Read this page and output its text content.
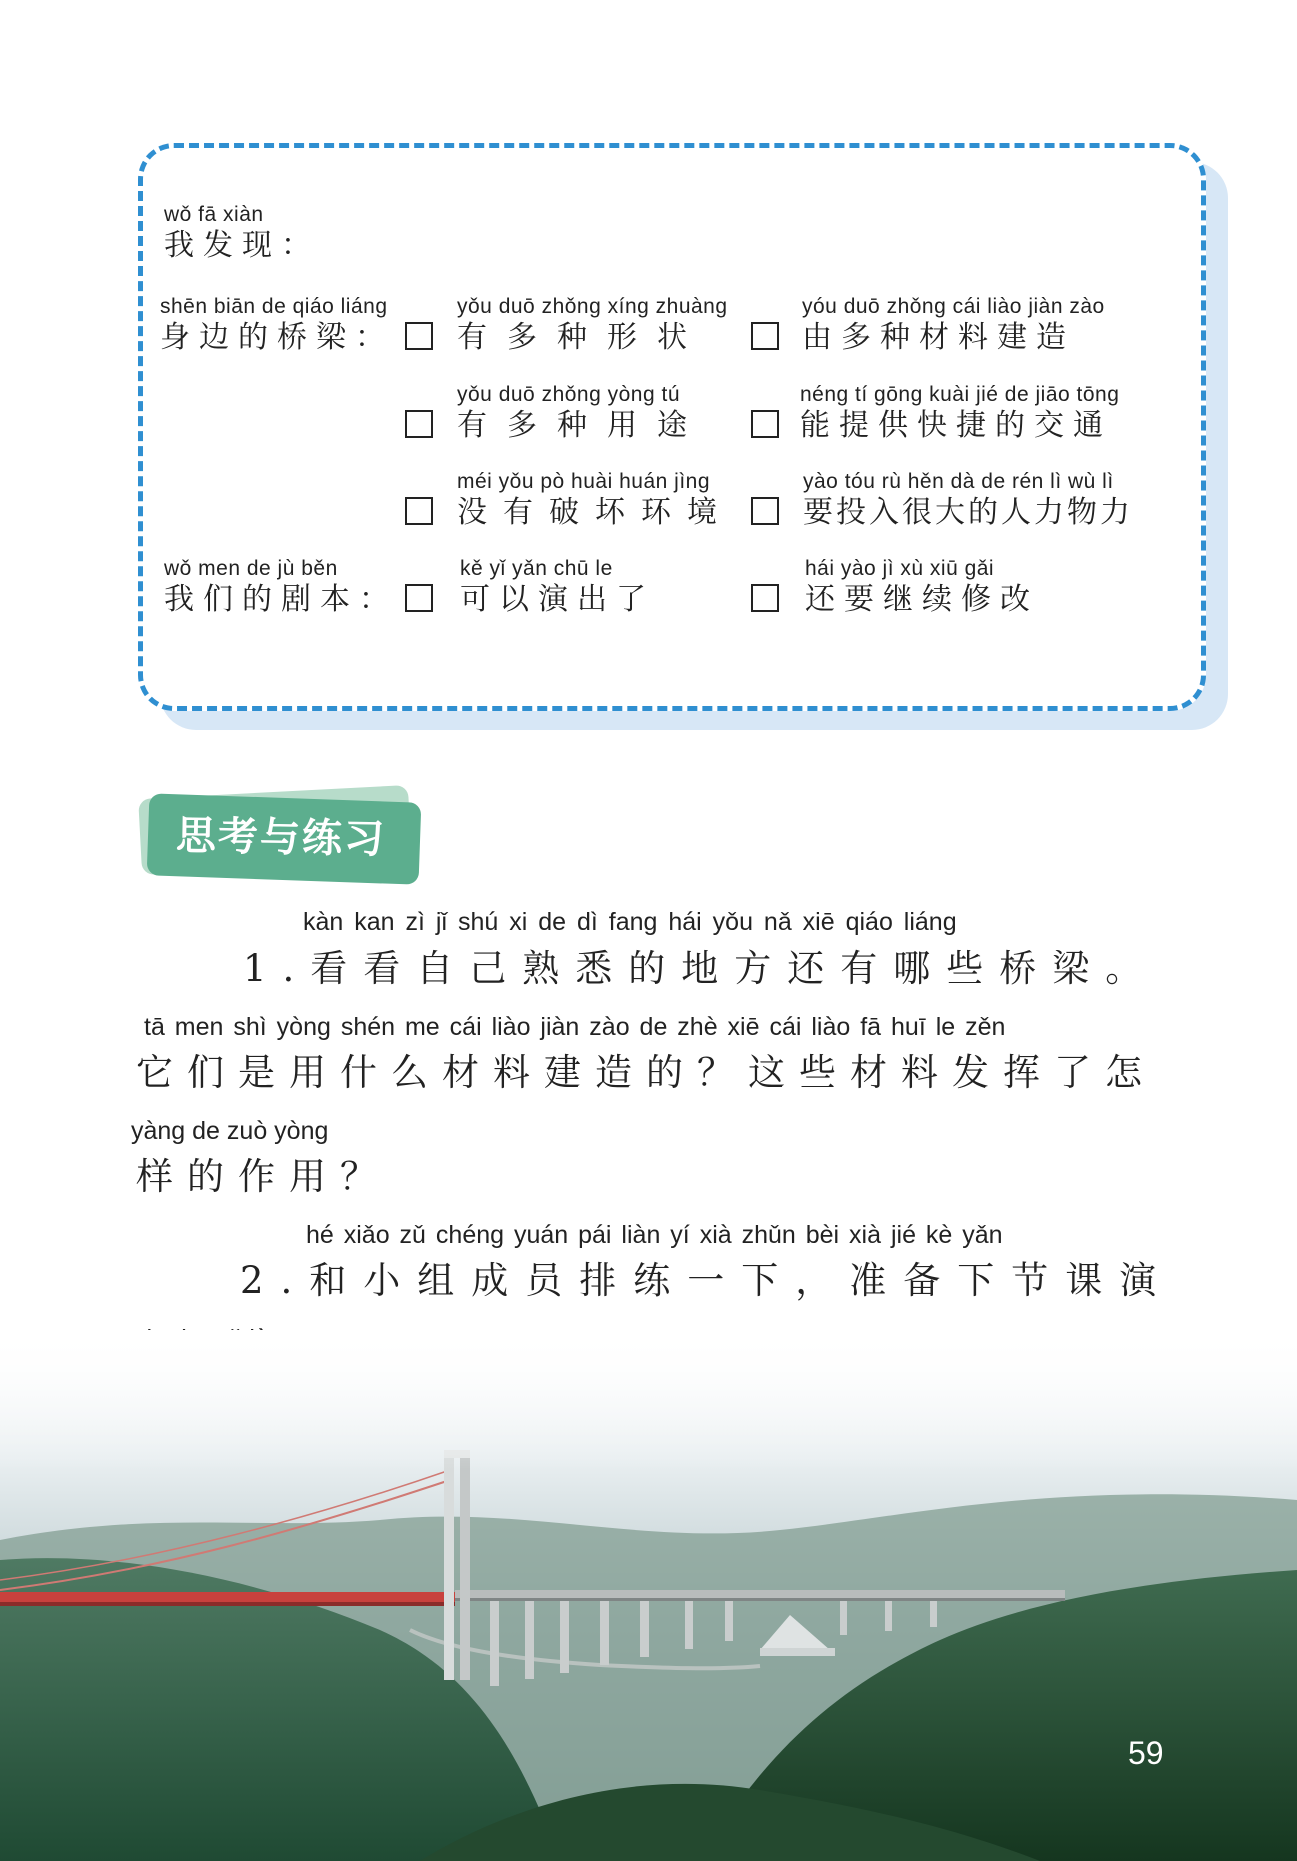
wǒ fā xiàn
我发现：
shēn biān de qiáo liáng
身边的桥梁：
yǒu duō zhǒng xíng zhuàng
有多种形状
yóu duō zhǒng cái liào jiàn zào
由多种材料建造
yǒu duō zhǒng yòng tú
有多种用途
néng tí gōng kuài jié de jiāo tōng
能提供快捷的交通
méi yǒu pò huài huán jìng
没有破坏环境
yào tóu rù hěn dà de rén lì wù lì
要投入很大的人力物力
wǒ men de jù běn
我们的剧本：
kě yǐ yǎn chū le
可以演出了
hái yào jì xù xiū gǎi
还要继续修改
思考与练习
kàn kan zì jǐ shú xi de dì fang hái yǒu nǎ xiē qiáo liáng
1.看看自己熟悉的地方还有哪些桥梁。
tā men shì yòng shén me cái liào jiàn zào de zhè xiē cái liào fā huī le zěn
它们是用什么材料建造的？这些材料发挥了怎
yàng de zuò yòng
样的作用？
hé xiǎo zǔ chéng yuán pái liàn yí xià zhǔn bèi xià jié kè yǎn
2.和小组成员排练一下，准备下节课演
59
